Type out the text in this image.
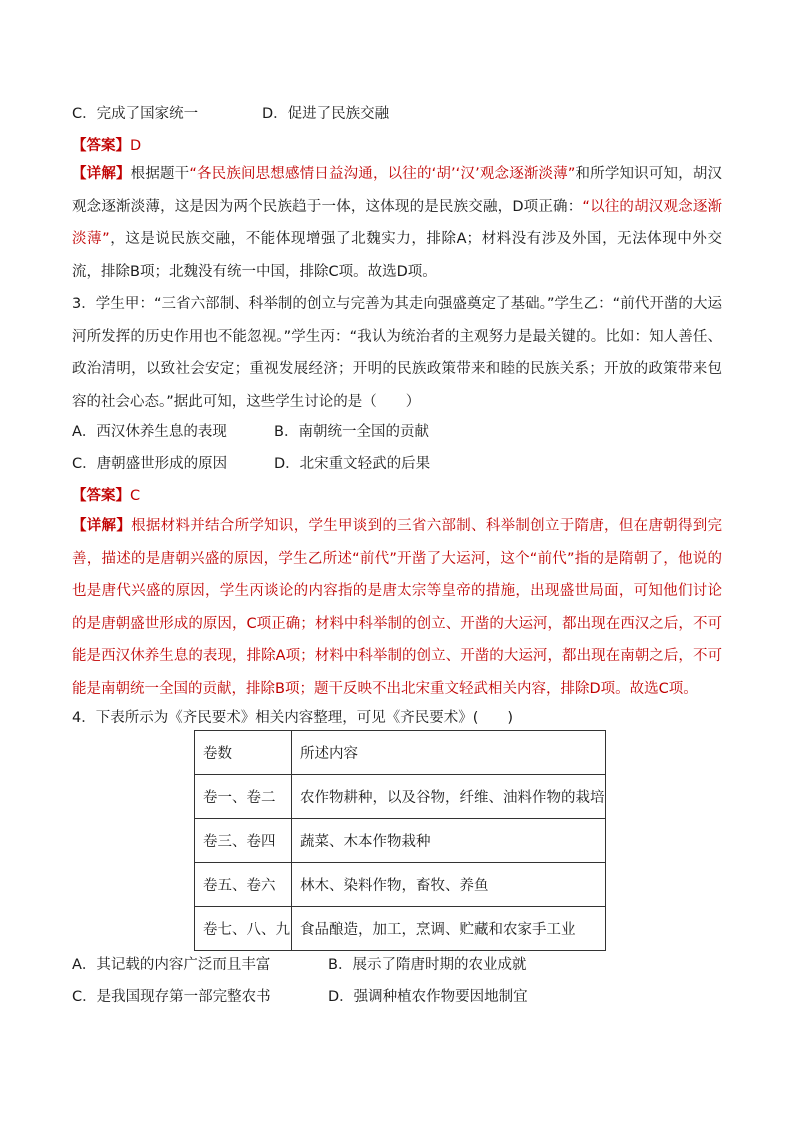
C．完成了国家统一	D．促进了民族交融
【答案】D
【详解】根据题干“各民族间思想感情日益沟通，以往的‘胡’‘汉’观念逐渐淡薄”和所学知识可知，胡汉观念逐渐淡薄，这是因为两个民族趋于一体，这体现的是民族交融，D项正确：“以往的胡汉观念逐渐淡薄”，这是说民族交融，不能体现增强了北魏实力，排除A；材料没有涉及外国，无法体现中外交流，排除B项；北魏没有统一中国，排除C项。故选D项。
3．学生甲：“三省六部制、科举制的创立与完善为其走向强盛奠定了基础。”学生乙：“前代开凿的大运河所发挥的历史作用也不能忽视。”学生丙：“我认为统治者的主观努力是最关键的。比如：知人善任、政治清明，以致社会安定；重视发展经济；开明的民族政策带来和睦的民族关系；开放的政策带来包容的社会心态。”据此可知，这些学生讨论的是（　　）
A．西汉休养生息的表现	B．南朝统一全国的贡献
C．唐朝盛世形成的原因	D．北宋重文轻武的后果
【答案】C
【详解】根据材料并结合所学知识，学生甲谈到的三省六部制、科举制创立于隋唐，但在唐朝得到完善，描述的是唐朝兴盛的原因，学生乙所述“前代”开凿了大运河，这个“前代”指的是隋朝了，他说的也是唐代兴盛的原因，学生丙谈论的内容指的是唐太宗等皇帝的措施，出现盛世局面，可知他们讨论的是唐朝盛世形成的原因，C项正确；材料中科举制的创立、开凿的大运河，都出现在西汉之后，不可能是西汉休养生息的表现，排除A项；材料中科举制的创立、开凿的大运河，都出现在南朝之后，不可能是南朝统一全国的贡献，排除B项；题干反映不出北宋重文轻武相关内容，排除D项。故选C项。
4．下表所示为《齐民要术》相关内容整理，可见《齐民要术》(　　)
卷数	所述内容
卷一、卷二	农作物耕种，以及谷物，纤维、油料作物的栽培
卷三、卷四	蔬菜、木本作物栽种
卷五、卷六	林木、染料作物，畜牧、养鱼
卷七、八、九	食品酿造，加工，烹调、贮藏和农家手工业
A．其记载的内容广泛而且丰富	B．展示了隋唐时期的农业成就
C．是我国现存第一部完整农书	D．强调种植农作物要因地制宜
